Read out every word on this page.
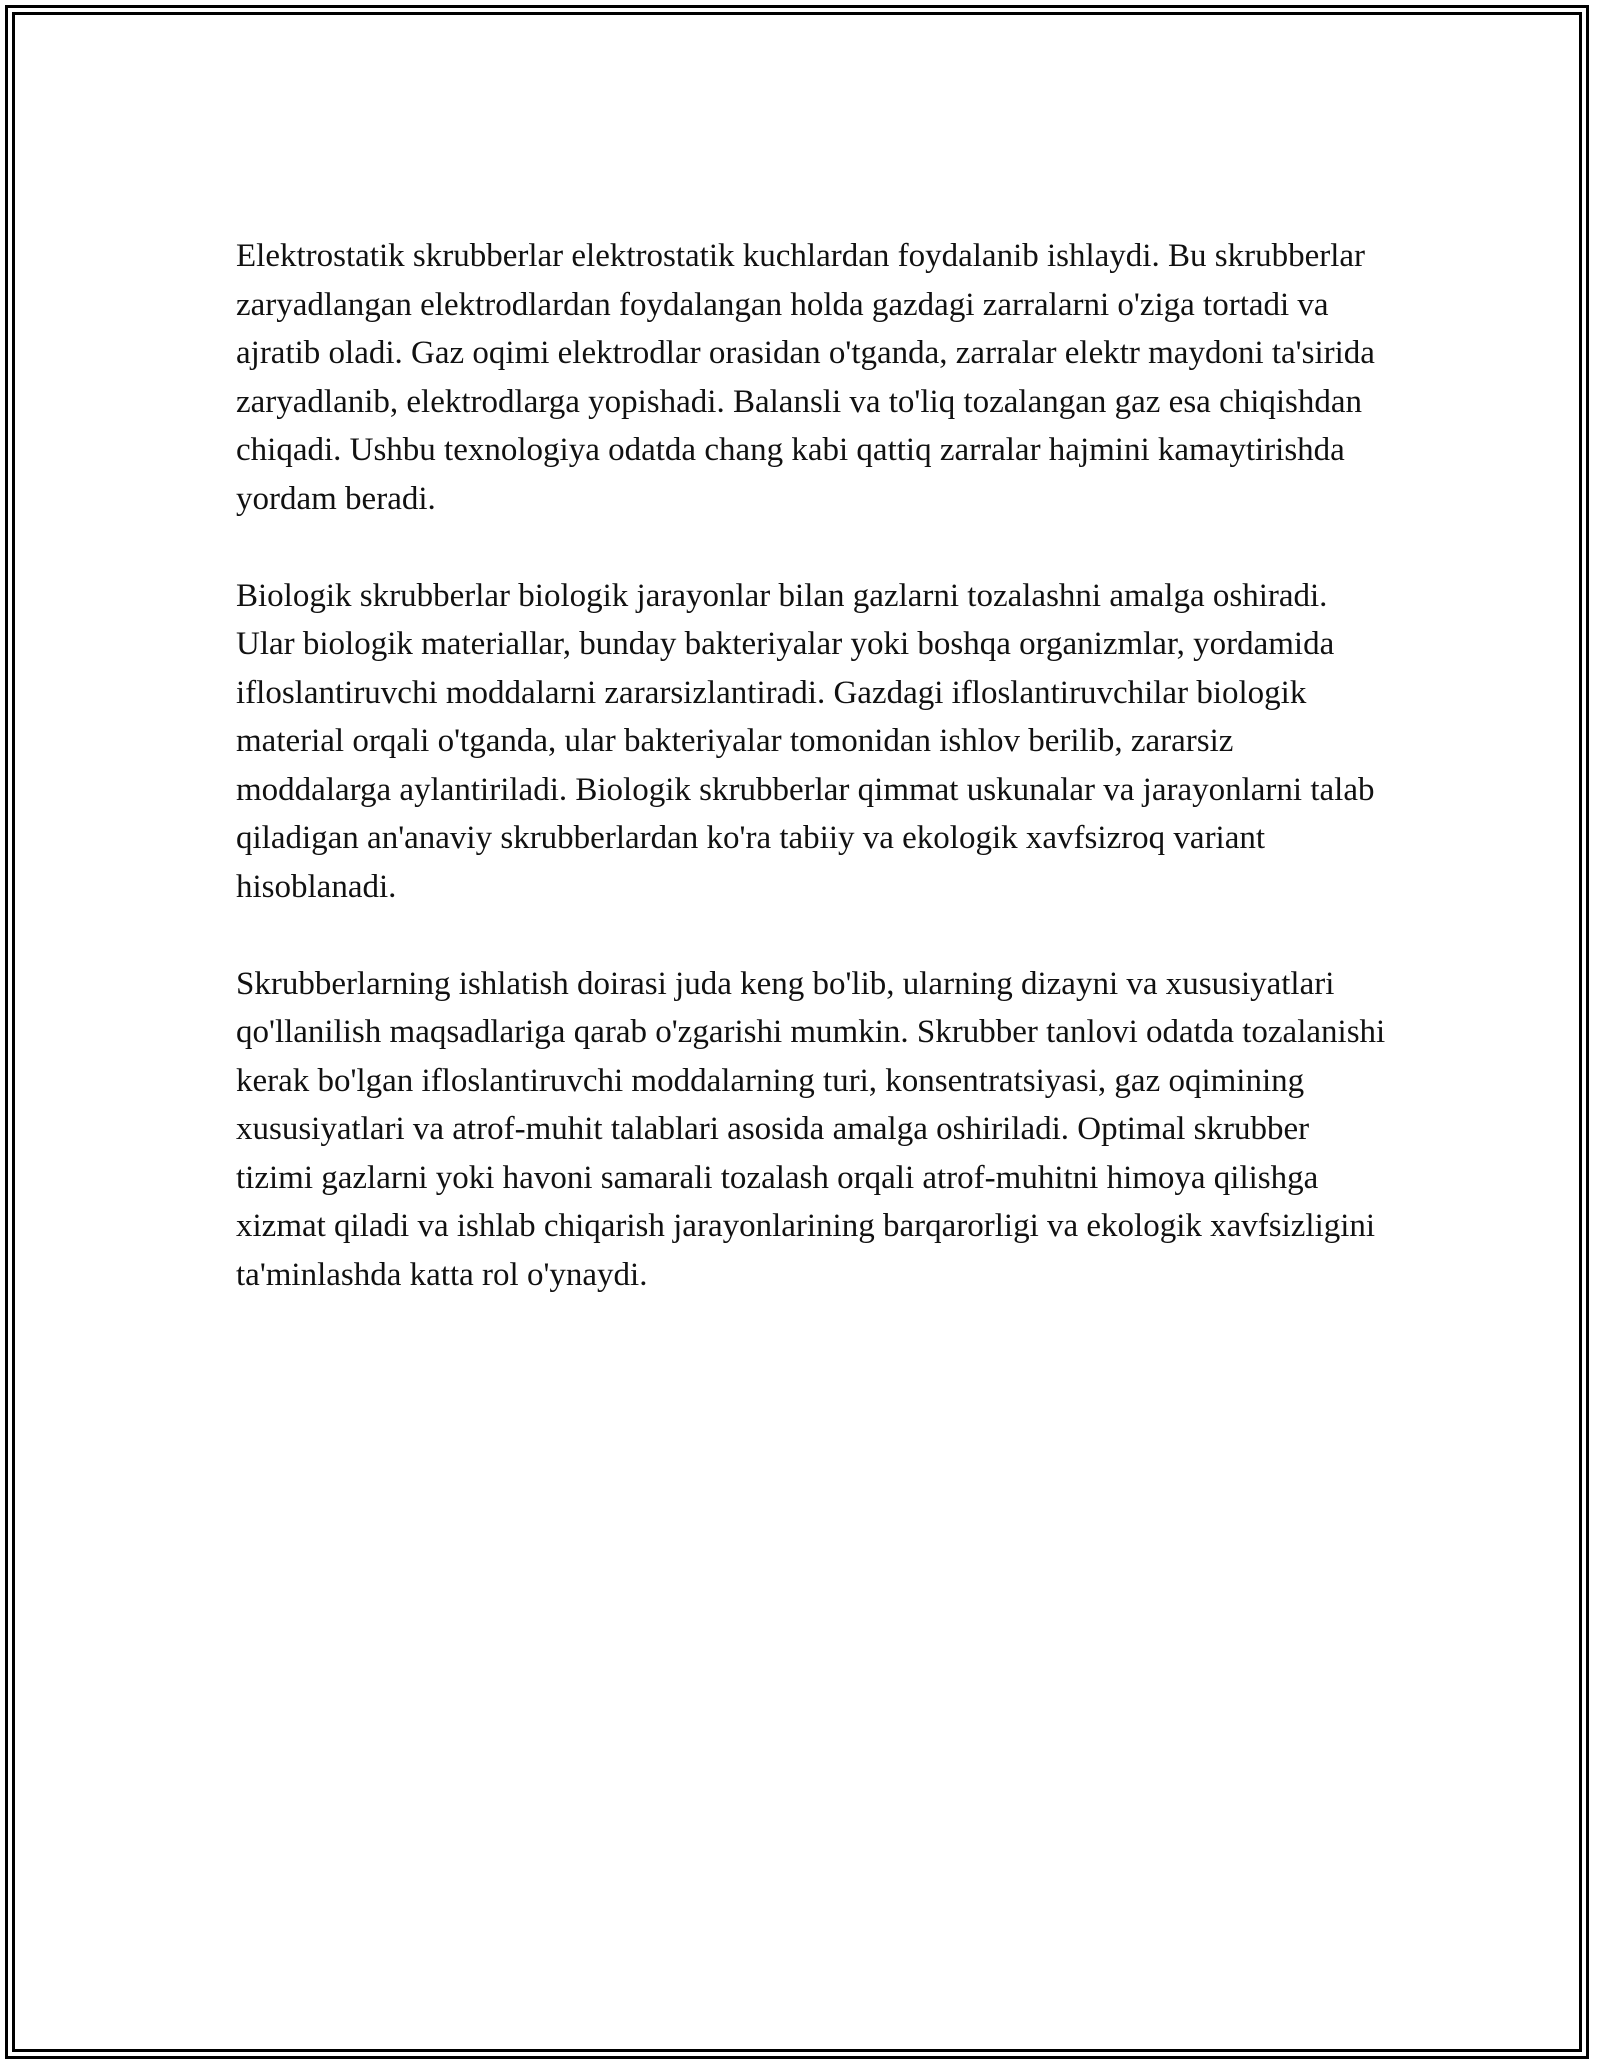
Elektrostatik skrubberlar elektrostatik kuchlardan foydalanib ishlaydi. Bu skrubberlar zaryadlangan elektrodlardan foydalangan holda gazdagi zarralarni o'ziga tortadi va ajratib oladi. Gaz oqimi elektrodlar orasidan o'tganda, zarralar elektr maydoni ta'sirida zaryadlanib, elektrodlarga yopishadi. Balansli va to'liq tozalangan gaz esa chiqishdan chiqadi. Ushbu texnologiya odatda chang kabi qattiq zarralar hajmini kamaytirishda yordam beradi.

Biologik skrubberlar biologik jarayonlar bilan gazlarni tozalashni amalga oshiradi. Ular biologik materiallar, bunday bakteriyalar yoki boshqa organizmlar, yordamida ifloslantiruvchi moddalarni zararsizlantiradi. Gazdagi ifloslantiruvchilar biologik material orqali o'tganda, ular bakteriyalar tomonidan ishlov berilib, zararsiz moddalarga aylantiriladi. Biologik skrubberlar qimmat uskunalar va jarayonlarni talab qiladigan an'anaviy skrubberlardan ko'ra tabiiy va ekologik xavfsizroq variant hisoblanadi.

Skrubberlarning ishlatish doirasi juda keng bo'lib, ularning dizayni va xususiyatlari qo'llanilish maqsadlariga qarab o'zgarishi mumkin. Skrubber tanlovi odatda tozalanishi kerak bo'lgan ifloslantiruvchi moddalarning turi, konsentratsiyasi, gaz oqimining xususiyatlari va atrof-muhit talablari asosida amalga oshiriladi. Optimal skrubber tizimi gazlarni yoki havoni samarali tozalash orqali atrof-muhitni himoya qilishga xizmat qiladi va ishlab chiqarish jarayonlarining barqarorligi va ekologik xavfsizligini ta'minlashda katta rol o'ynaydi.
